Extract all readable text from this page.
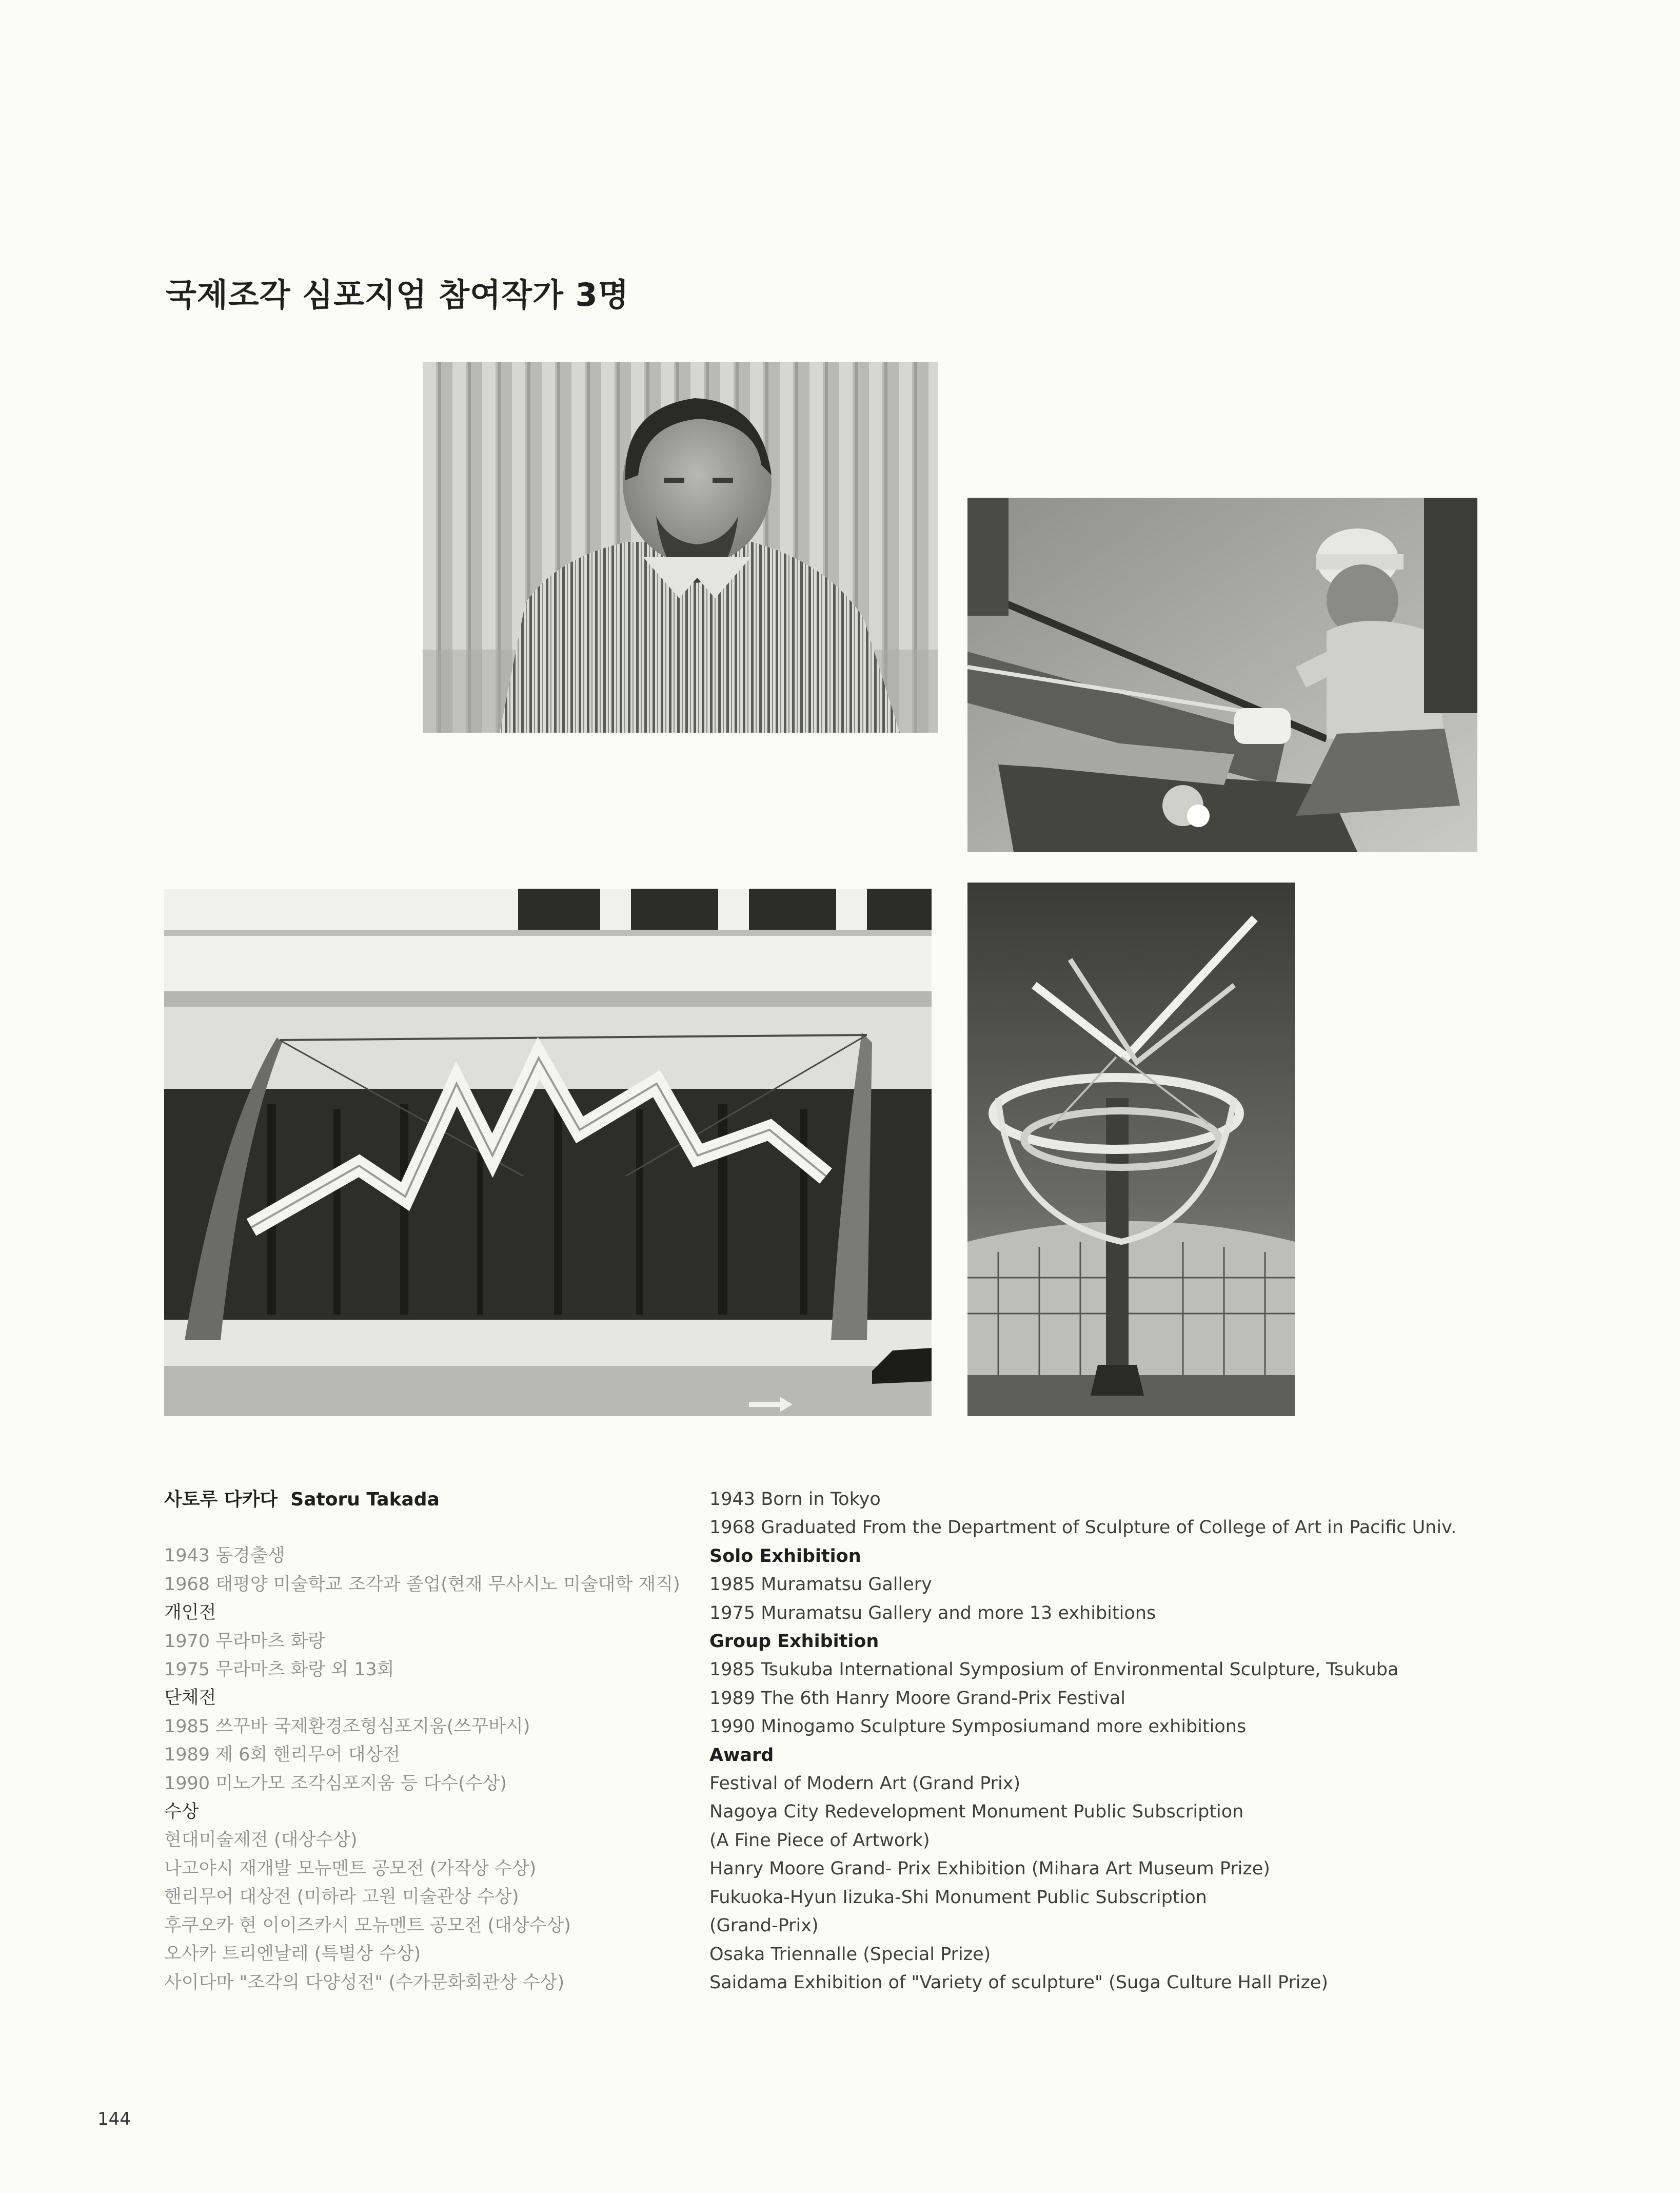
국제조각 심포지엄 참여작가 3명
사토루 다카다 Satoru Takada
1943 동경출생
1968 태평양 미술학교 조각과 졸업(현재 무사시노 미술대학 재직)
개인전
1970 무라마츠 화랑
1975 무라마츠 화랑 외 13회
단체전
1985 쓰꾸바 국제환경조형심포지움(쓰꾸바시)
1989 제 6회 핸리무어 대상전
1990 미노가모 조각심포지움 등 다수(수상)
수상
현대미술제전 (대상수상)
나고야시 재개발 모뉴멘트 공모전 (가작상 수상)
핸리무어 대상전 (미하라 고원 미술관상 수상)
후쿠오카 현 이이즈카시 모뉴멘트 공모전 (대상수상)
오사카 트리엔날레 (특별상 수상)
사이다마 "조각의 다양성전" (수가문화회관상 수상)
1943 Born in Tokyo
1968 Graduated From the Department of Sculpture of College of Art in Pacific Univ.
Solo Exhibition
1985 Muramatsu Gallery
1975 Muramatsu Gallery and more 13 exhibitions
Group Exhibition
1985 Tsukuba International Symposium of Environmental Sculpture, Tsukuba
1989 The 6th Hanry Moore Grand-Prix Festival
1990 Minogamo Sculpture Symposiumand more exhibitions
Award
Festival of Modern Art (Grand Prix)
Nagoya City Redevelopment Monument Public Subscription
(A Fine Piece of Artwork)
Hanry Moore Grand- Prix Exhibition (Mihara Art Museum Prize)
Fukuoka-Hyun Iizuka-Shi Monument Public Subscription
(Grand-Prix)
Osaka Triennalle (Special Prize)
Saidama Exhibition of "Variety of sculpture" (Suga Culture Hall Prize)
144
